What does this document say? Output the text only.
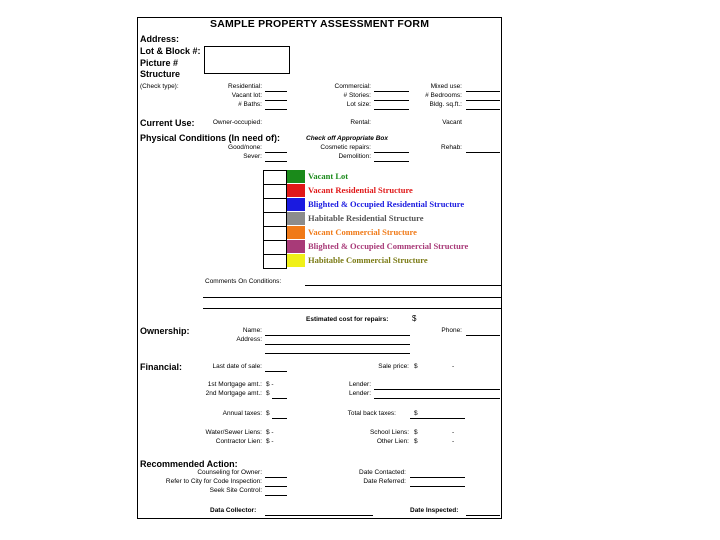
SAMPLE PROPERTY ASSESSMENT FORM
Address:
Lot & Block #:
Picture #
Structure
(Check type):	Residential:	Commercial:	Mixed use:
Vacant lot:	# Stories:	# Bedrooms:
# Baths:	Lot size:	Bldg. sq.ft.:
Current Use:	Owner-occupied:	Rental:	Vacant
Physical Conditions (In need of):	Check off Appropriate Box
Good/none:	Cosmetic repairs:	Rehab:
Sever:	Demolition:
Vacant Lot
Vacant Residential Structure
Blighted & Occupied Residential Structure
Habitable Residential Structure
Vacant Commercial Structure
Blighted & Occupied Commercial Structure
Habitable Commercial Structure
Comments On Conditions:
Estimated cost for repairs:	$
Ownership:	Name:	Phone:
Address:
Financial:	Last date of sale:	Sale price: $	-
1st Mortgage amt.: $ -	Lender:
2nd Mortgage amt.: $	Lender:
Annual taxes: $	Total back taxes:	$
Water/Sewer Liens: $ -	School Liens: $	-
Contractor Lien: $ -	Other Lien: $	-
Recommended Action:
Counseling for Owner:	Date Contacted:
Refer to City for Code Inspection:	Date Referred:
Seek Site Control:
Data Collector:	Date Inspected:
